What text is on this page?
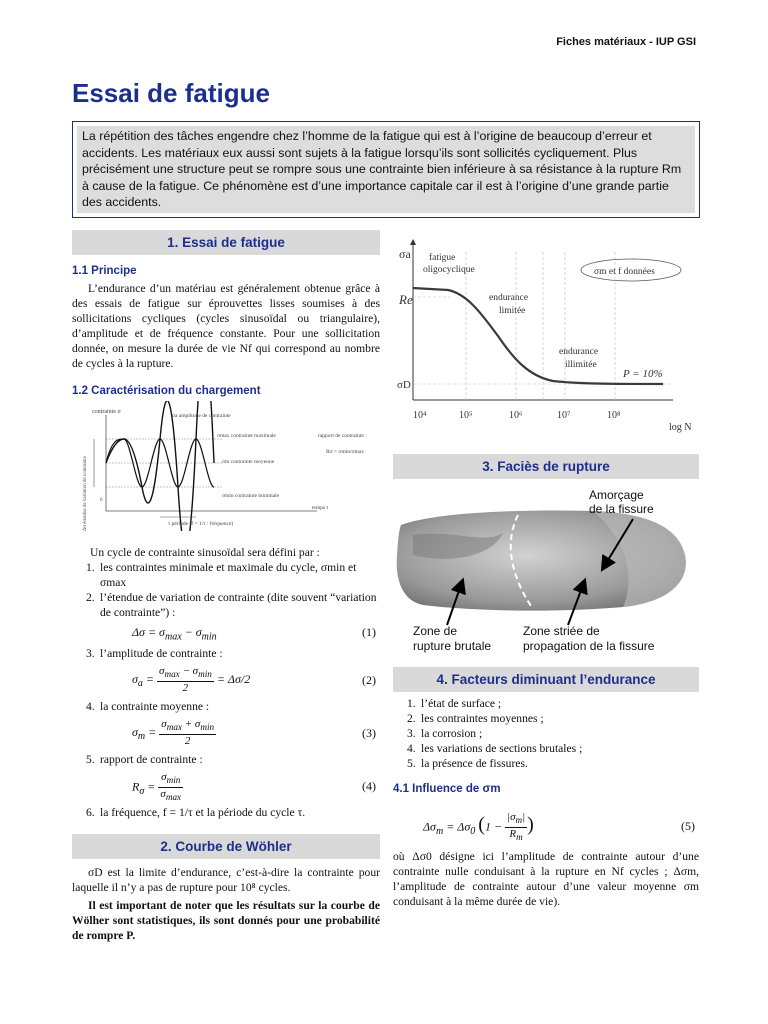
Fiches matériaux - IUP GSI
Essai de fatigue
La répétition des tâches engendre chez l’homme de la fatigue qui est à l’origine de beaucoup d’erreur et accidents. Les matériaux eux aussi sont sujets à la fatigue lorsqu’ils sont sollicités cycliquement. Plus précisément une structure peut se rompre sous une contrainte bien inférieure à sa résistance à la rupture Rm à cause de la fatigue. Ce phénomène est d’une importance capitale car il est à l’origine d’une grande partie des accidents.
1. Essai de fatigue
1.1 Principe

L’endurance d’un matériau est généralement obtenue grâce à des essais de fatigue sur éprouvettes lisses soumises à des sollicitations cycliques (cycles sinusoïdal ou triangulaire), d’amplitude et de fréquence constante. Pour une sollicitation donnée, on mesure la durée de vie Nf qui correspond au nombre de cycles à la rupture.

1.2 Caractérisation du chargement
contrainte σ
Δσ étendue de variation de contrainte 0
σa amplitude de contrainte
σmax contrainte maximale
σm contrainte moyenne
σmin contrainte minimale
rapport de contrainte :
Rσ = σmin/σmax
temps t
τ période (f = 1/τ : fréquence)

Un cycle de contrainte sinusoïdal sera défini par :

1. les contraintes minimale et maximale du cycle, σmin et σmax
2. l’étendue de variation de contrainte (dite souvent “variation de contrainte”) :
$\Delta\sigma = \sigma_{max} - \sigma_{min}$	(1)
3. l’amplitude de contrainte :
$\sigma_a = \frac{\sigma_{max} - \sigma_{min}}{2} = \Delta\sigma/2$	(2)
4. la contrainte moyenne :
$\sigma_m = \frac{\sigma_{max} + \sigma_{min}}{2}$	(3)
5. rapport de contrainte :
$R_\sigma = \frac{\sigma_{min}}{\sigma_{max}}$	(4)
6. la fréquence, f = 1/τ et la période du cycle τ.
2. Courbe de Wöhler

σD est la limite d’endurance, c’est-à-dire la contrainte pour laquelle il n’y a pas de rupture pour 10⁸ cycles.

Il est important de noter que les résultats sur la courbe de Wölher sont statistiques, ils sont donnés pour une probabilité de rompre P.

σa
Re
σD
fatigue
oligocyclique
endurance
limitée
endurance
illimitée
P = 10%
σm et f données
10⁴	10⁵	10⁶	10⁷	10⁸
log N
3. Faciès de rupture
Amorçage
de la fissure
Zone de
rupture brutale
Zone striée de
propagation de la fissure
4. Facteurs diminuant l’endurance
1. l’état de surface ;
2. les contraintes moyennes ;
3. la corrosion ;
4. les variations de sections brutales ;
5. la présence de fissures.
4.1 Influence de σm
$\Delta\sigma_m = \Delta\sigma_0$ ($1 - \frac{|\sigma_m|}{R_m}$ )	(5)

où Δσ0 désigne ici l’amplitude de contrainte autour d’une contrainte nulle conduisant à la rupture en Nf cycles ; Δσm, l’amplitude de contrainte autour d’une valeur moyenne σm conduisant à la même durée de vie).
